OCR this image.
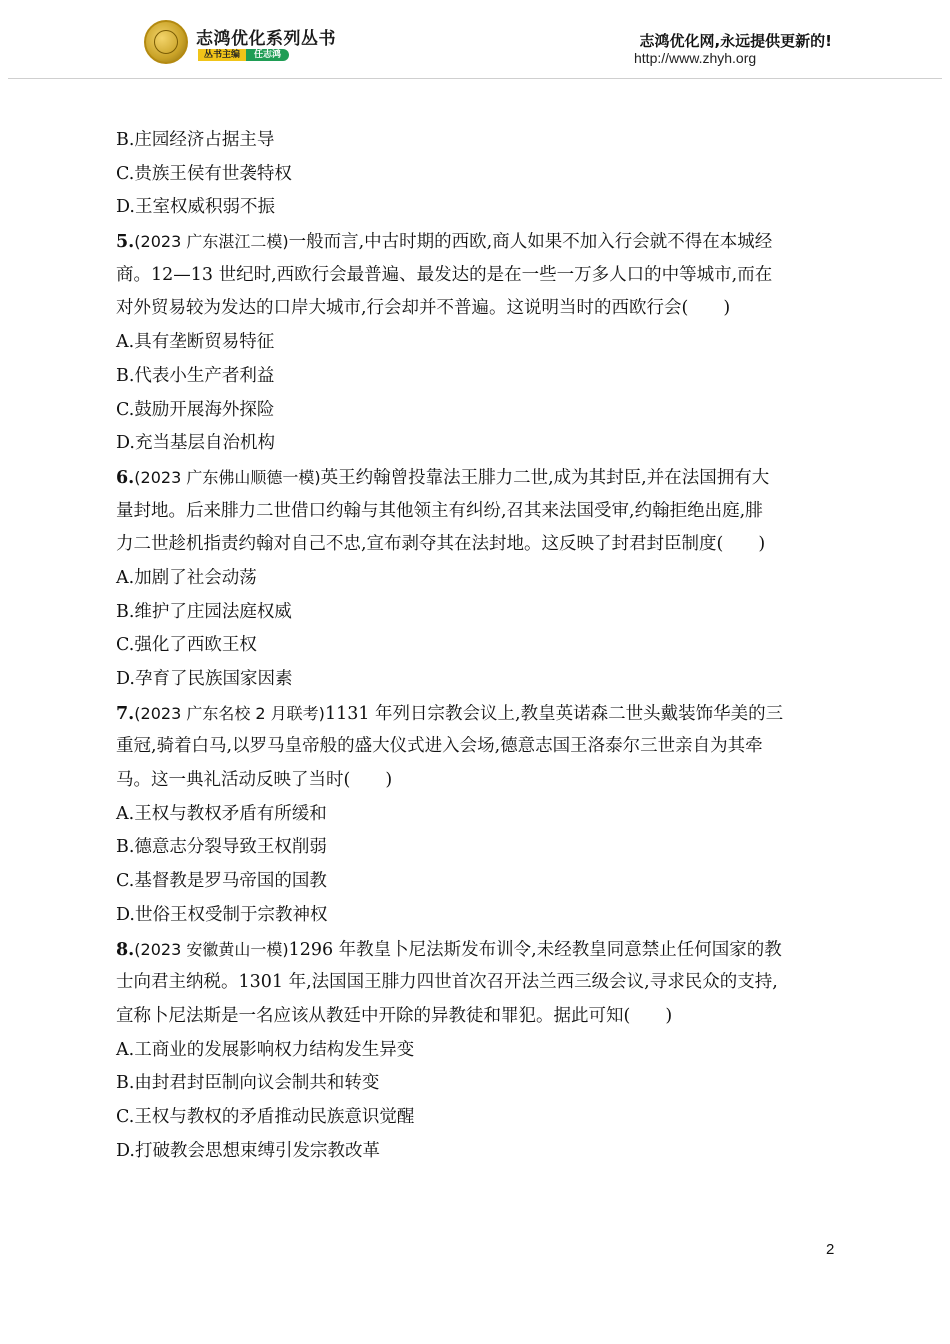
志鸿优化系列丛书
丛书主编 任志鸿
志鸿优化网,永远提供更新的!
http://www.zhyh.org
B.庄园经济占据主导
C.贵族王侯有世袭特权
D.王室权威积弱不振
5.(2023 广东湛江二模)一般而言,中古时期的西欧,商人如果不加入行会就不得在本城经
商。12—13 世纪时,西欧行会最普遍、最发达的是在一些一万多人口的中等城市,而在
对外贸易较为发达的口岸大城市,行会却并不普遍。这说明当时的西欧行会(　　)
A.具有垄断贸易特征
B.代表小生产者利益
C.鼓励开展海外探险
D.充当基层自治机构
6.(2023 广东佛山顺德一模)英王约翰曾投靠法王腓力二世,成为其封臣,并在法国拥有大
量封地。后来腓力二世借口约翰与其他领主有纠纷,召其来法国受审,约翰拒绝出庭,腓
力二世趁机指责约翰对自己不忠,宣布剥夺其在法封地。这反映了封君封臣制度(　　)
A.加剧了社会动荡
B.维护了庄园法庭权威
C.强化了西欧王权
D.孕育了民族国家因素
7.(2023 广东名校 2 月联考)1131 年列日宗教会议上,教皇英诺森二世头戴装饰华美的三
重冠,骑着白马,以罗马皇帝般的盛大仪式进入会场,德意志国王洛泰尔三世亲自为其牵
马。这一典礼活动反映了当时(　　)
A.王权与教权矛盾有所缓和
B.德意志分裂导致王权削弱
C.基督教是罗马帝国的国教
D.世俗王权受制于宗教神权
8.(2023 安徽黄山一模)1296 年教皇卜尼法斯发布训令,未经教皇同意禁止任何国家的教
士向君主纳税。1301 年,法国国王腓力四世首次召开法兰西三级会议,寻求民众的支持,
宣称卜尼法斯是一名应该从教廷中开除的异教徒和罪犯。据此可知(　　)
A.工商业的发展影响权力结构发生异变
B.由封君封臣制向议会制共和转变
C.王权与教权的矛盾推动民族意识觉醒
D.打破教会思想束缚引发宗教改革
2
